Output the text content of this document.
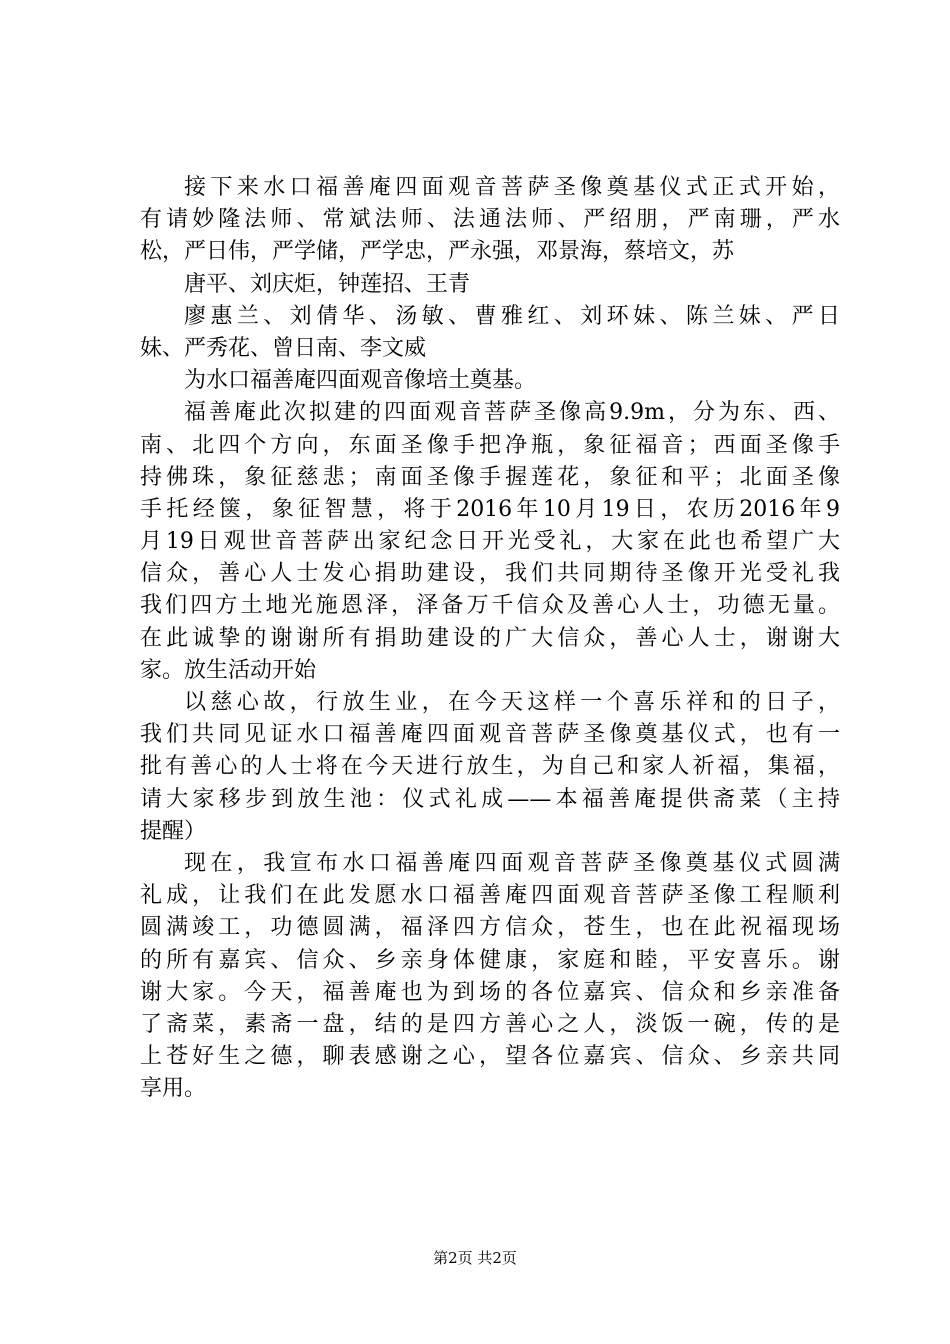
接下来水口福善庵四面观音菩萨圣像奠基仪式正式开始，
有请妙隆法师、常斌法师、法通法师、严绍朋，严南珊，严水
松，严日伟，严学储，严学忠，严永强，邓景海，蔡培文，苏
唐平、刘庆炬，钟莲招、王青
廖惠兰、刘倩华、汤敏、曹雅红、刘环妹、陈兰妹、严日
妹、严秀花、曾日南、李文威
为水口福善庵四面观音像培土奠基。
福善庵此次拟建的四面观音菩萨圣像高9.9m，分为东、西、
南、北四个方向，东面圣像手把净瓶，象征福音；西面圣像手
持佛珠，象征慈悲；南面圣像手握莲花，象征和平；北面圣像
手托经箧，象征智慧，将于2016年10月19日，农历2016年9
月19日观世音菩萨出家纪念日开光受礼，大家在此也希望广大
信众，善心人士发心捐助建设，我们共同期待圣像开光受礼我
我们四方土地光施恩泽，泽备万千信众及善心人士，功德无量。
在此诚挚的谢谢所有捐助建设的广大信众，善心人士，谢谢大
家。放生活动开始
以慈心故，行放生业，在今天这样一个喜乐祥和的日子，
我们共同见证水口福善庵四面观音菩萨圣像奠基仪式，也有一
批有善心的人士将在今天进行放生，为自己和家人祈福，集福，
请大家移步到放生池：仪式礼成——本福善庵提供斋菜（主持
提醒）
现在，我宣布水口福善庵四面观音菩萨圣像奠基仪式圆满
礼成，让我们在此发愿水口福善庵四面观音菩萨圣像工程顺利
圆满竣工，功德圆满，福泽四方信众，苍生，也在此祝福现场
的所有嘉宾、信众、乡亲身体健康，家庭和睦，平安喜乐。谢
谢大家。今天，福善庵也为到场的各位嘉宾、信众和乡亲准备
了斋菜，素斋一盘，结的是四方善心之人，淡饭一碗，传的是
上苍好生之德，聊表感谢之心，望各位嘉宾、信众、乡亲共同
享用。
第2页 共2页
